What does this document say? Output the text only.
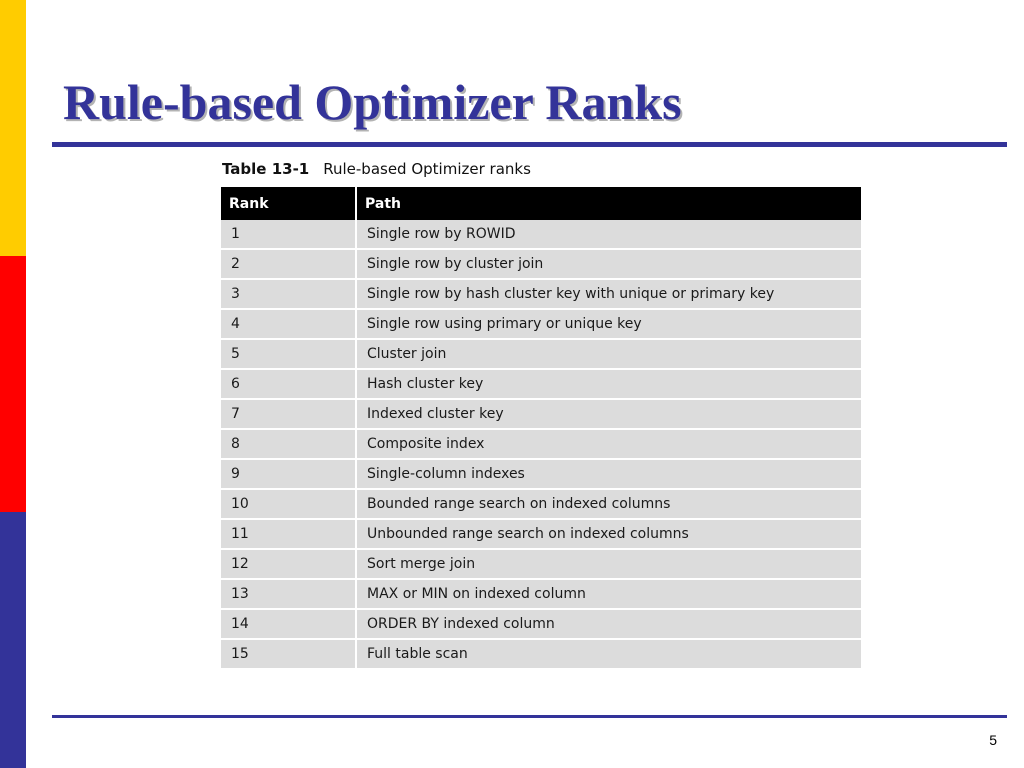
Rule-based Optimizer Ranks
Table 13-1 Rule-based Optimizer ranks
Rank	Path
1	Single row by ROWID
2	Single row by cluster join
3	Single row by hash cluster key with unique or primary key
4	Single row using primary or unique key
5	Cluster join
6	Hash cluster key
7	Indexed cluster key
8	Composite index
9	Single-column indexes
10	Bounded range search on indexed columns
11	Unbounded range search on indexed columns
12	Sort merge join
13	MAX or MIN on indexed column
14	ORDER BY indexed column
15	Full table scan
5
